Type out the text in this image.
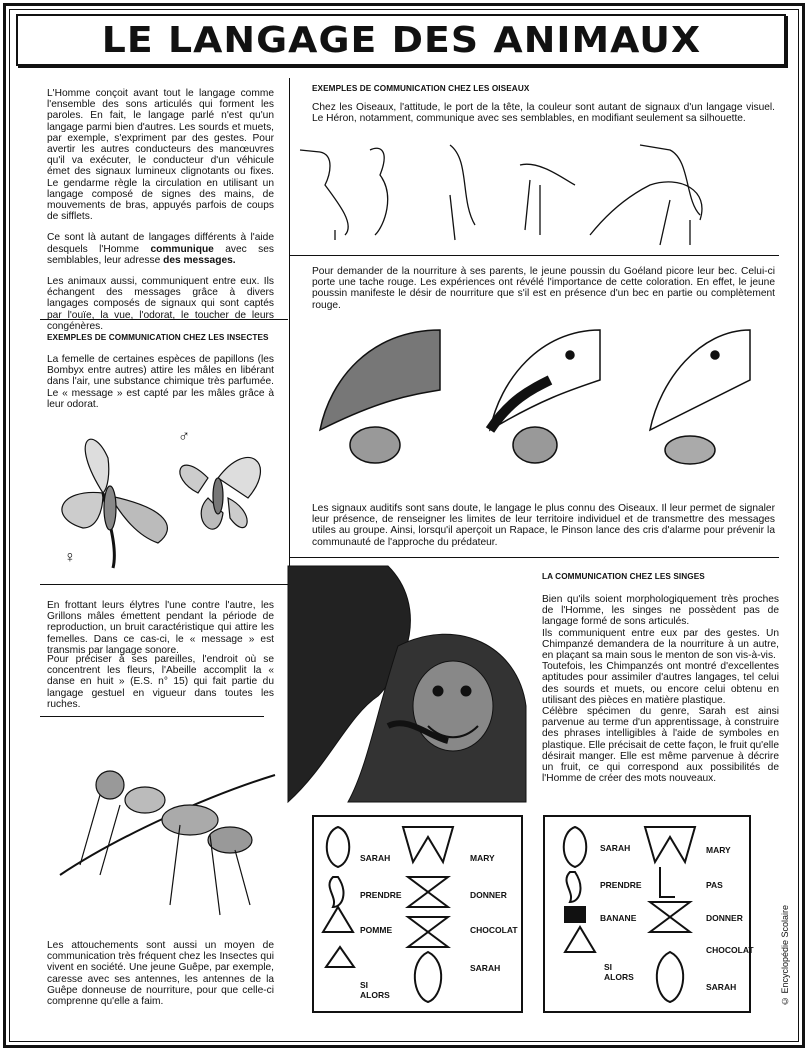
LE LANGAGE DES ANIMAUX

L'Homme conçoit avant tout le langage comme l'ensemble des sons articulés qui forment les paroles. En fait, le langage parlé n'est qu'un langage parmi bien d'autres. Les sourds et muets, par exemple, s'expriment par des gestes. Pour avertir les autres conducteurs des manœuvres qu'il va exécuter, le conducteur d'un véhicule émet des signaux lumineux clignotants ou fixes. Le gendarme règle la circulation en utilisant un langage composé de signes des mains, de mouvements de bras, appuyés parfois de coups de sifflets.

Ce sont là autant de langages différents à l'aide desquels l'Homme communique avec ses semblables, leur adresse des messages.

Les animaux aussi, communiquent entre eux. Ils échangent des messages grâce à divers langages composés de signaux qui sont captés par l'ouïe, la vue, l'odorat, le toucher de leurs congénères.

EXEMPLES DE COMMUNICATION CHEZ LES INSECTES
La femelle de certaines espèces de papillons (les Bombyx entre autres) attire les mâles en libérant dans l'air, une substance chimique très parfumée. Le « message » est capté par les mâles grâce à leur odorat.
♂
♀
En frottant leurs élytres l'une contre l'autre, les Grillons mâles émettent pendant la période de reproduction, un bruit caractéristique qui attire les femelles. Dans ce cas-ci, le « message » est transmis par langage sonore.
Pour préciser à ses pareilles, l'endroit où se concentrent les fleurs, l'Abeille accomplit la « danse en huit » (E.S. n° 15) qui fait partie du langage gestuel en vigueur dans toutes les ruches.
Les attouchements sont aussi un moyen de communication très fréquent chez les Insectes qui vivent en société. Une jeune Guêpe, par exemple, caresse avec ses antennes, les antennes de la Guêpe donneuse de nourriture, pour que celle-ci comprenne qu'elle a faim.
EXEMPLES DE COMMUNICATION CHEZ LES OISEAUX
Chez les Oiseaux, l'attitude, le port de la tête, la couleur sont autant de signaux d'un langage visuel. Le Héron, notamment, communique avec ses semblables, en modifiant seulement sa silhouette.
Pour demander de la nourriture à ses parents, le jeune poussin du Goéland picore leur bec. Celui-ci porte une tache rouge. Les expériences ont révélé l'importance de cette coloration. En effet, le jeune poussin manifeste le désir de nourriture que s'il est en présence d'un bec en partie ou complètement rouge.
Les signaux auditifs sont sans doute, le langage le plus connu des Oiseaux. Il leur permet de signaler leur présence, de renseigner les limites de leur territoire individuel et de transmettre des messages utiles au groupe. Ainsi, lorsqu'il aperçoit un Rapace, le Pinson lance des cris d'alarme pour prévenir la communauté de l'approche du prédateur.
LA COMMUNICATION CHEZ LES SINGES

Bien qu'ils soient morphologiquement très proches de l'Homme, les singes ne possèdent pas de langage formé de sons articulés.

Ils communiquent entre eux par des gestes. Un Chimpanzé demandera de la nourriture à un autre, en plaçant sa main sous le menton de son vis-à-vis.

Toutefois, les Chimpanzés ont montré d'excellentes aptitudes pour assimiler d'autres langages, tel celui des sourds et muets, ou encore celui obtenu en utilisant des pièces en matière plastique.

Célèbre spécimen du genre, Sarah est ainsi parvenue au terme d'un apprentissage, à construire des phrases intelligibles à l'aide de symboles en plastique. Elle précisait de cette façon, le fruit qu'elle désirait manger. Elle est même parvenue à décrire un fruit, ce qui correspond aux possibilités de l'Homme de créer des mots nouveaux.

SARAH	MARY
PRENDRE	DONNER
POMME	CHOCOLAT
SI
ALORS
SARAH
SARAH	MARY
PRENDRE	PAS
BANANE	DONNER
SI
ALORS
CHOCOLAT
SARAH	© Encyclopédie Scolaire
